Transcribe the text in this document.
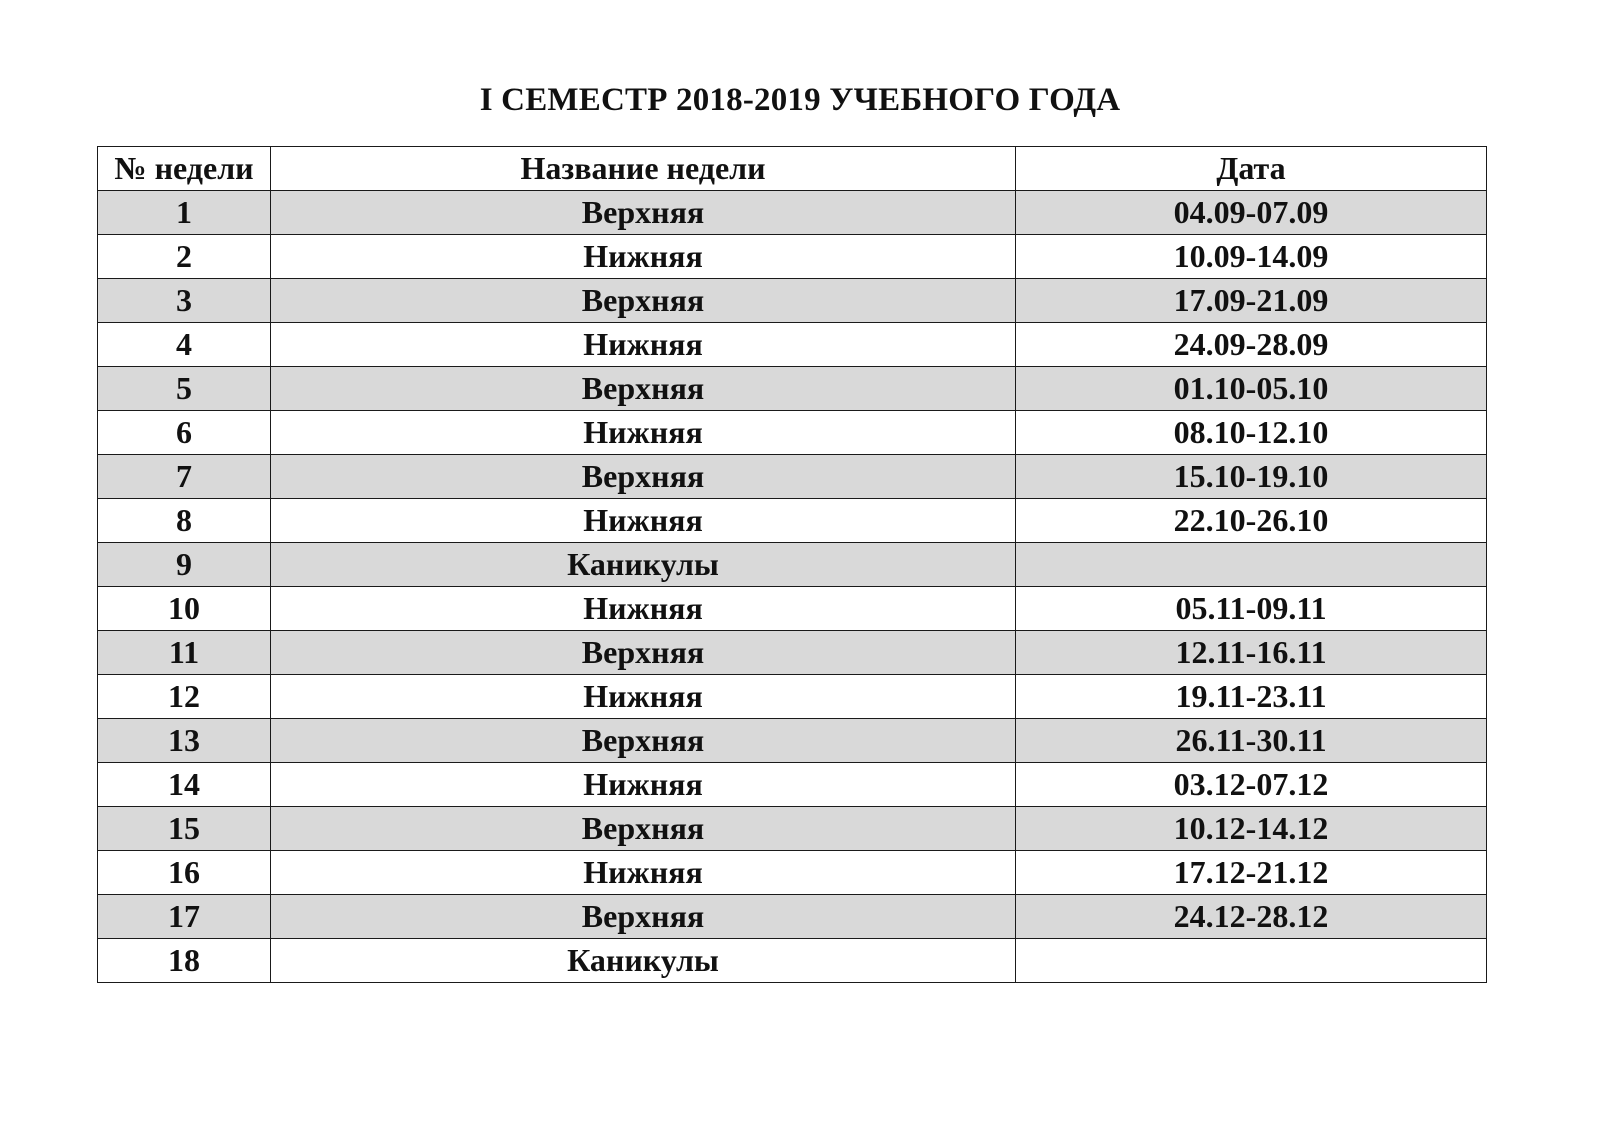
I СЕМЕСТР 2018-2019 УЧЕБНОГО ГОДА
№ недели	Название недели	Дата
1	Верхняя	04.09-07.09
2	Нижняя	10.09-14.09
3	Верхняя	17.09-21.09
4	Нижняя	24.09-28.09
5	Верхняя	01.10-05.10
6	Нижняя	08.10-12.10
7	Верхняя	15.10-19.10
8	Нижняя	22.10-26.10
9	Каникулы	
10	Нижняя	05.11-09.11
11	Верхняя	12.11-16.11
12	Нижняя	19.11-23.11
13	Верхняя	26.11-30.11
14	Нижняя	03.12-07.12
15	Верхняя	10.12-14.12
16	Нижняя	17.12-21.12
17	Верхняя	24.12-28.12
18	Каникулы	
